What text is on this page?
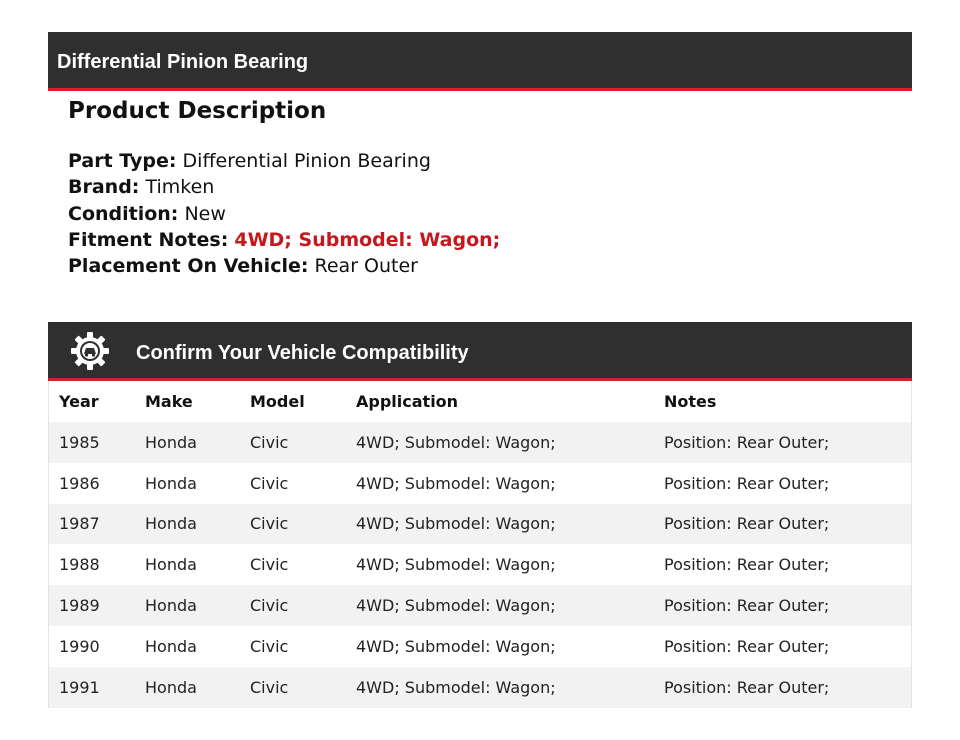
Differential Pinion Bearing
Product Description
Part Type: Differential Pinion Bearing
Brand: Timken
Condition: New
Fitment Notes: 4WD; Submodel: Wagon;
Placement On Vehicle: Rear Outer
Confirm Your Vehicle Compatibility
Year	Make	Model	Application	Notes
1985	Honda	Civic	4WD; Submodel: Wagon;	Position: Rear Outer;
1986	Honda	Civic	4WD; Submodel: Wagon;	Position: Rear Outer;
1987	Honda	Civic	4WD; Submodel: Wagon;	Position: Rear Outer;
1988	Honda	Civic	4WD; Submodel: Wagon;	Position: Rear Outer;
1989	Honda	Civic	4WD; Submodel: Wagon;	Position: Rear Outer;
1990	Honda	Civic	4WD; Submodel: Wagon;	Position: Rear Outer;
1991	Honda	Civic	4WD; Submodel: Wagon;	Position: Rear Outer;
